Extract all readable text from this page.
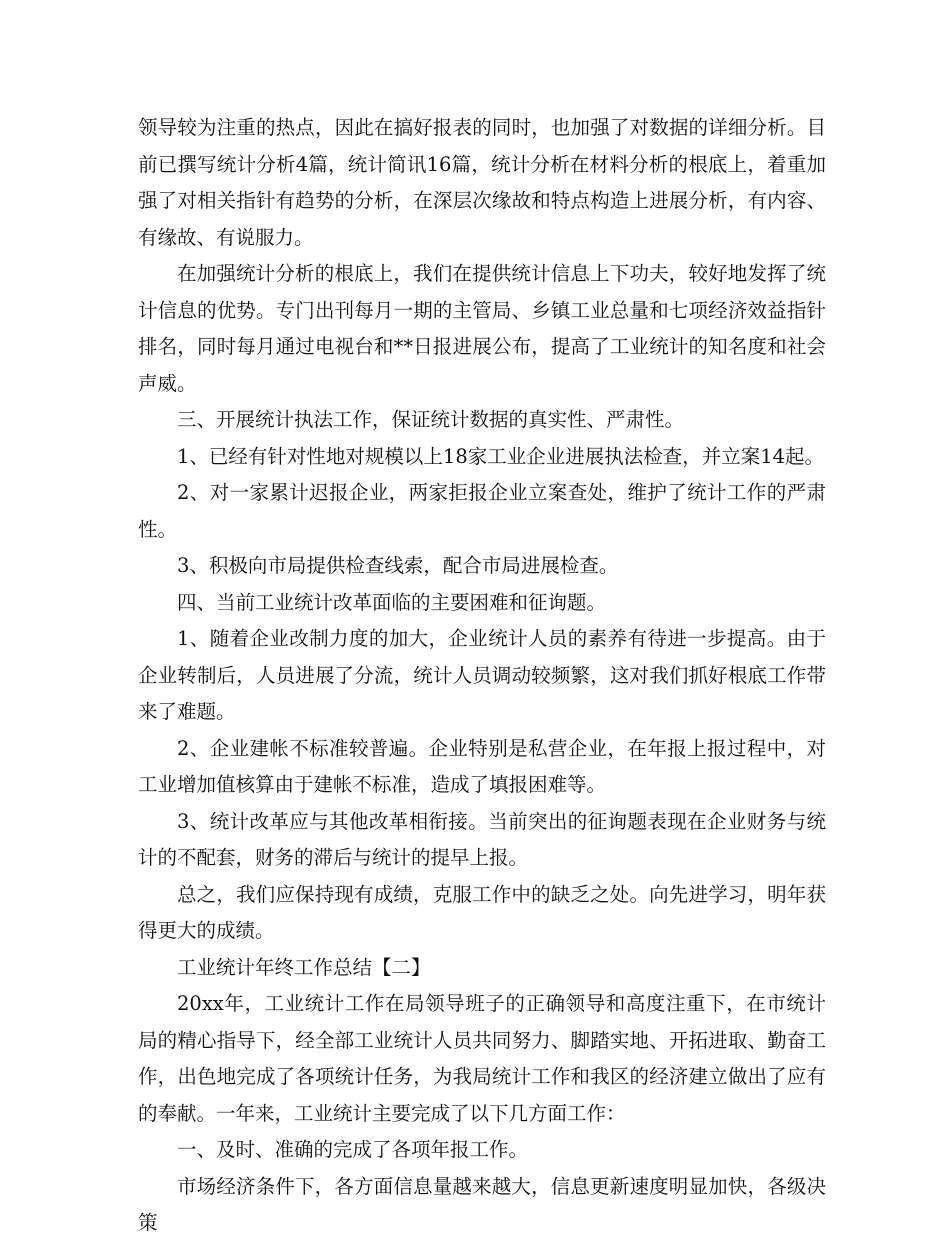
领导较为注重的热点，因此在搞好报表的同时，也加强了对数据的详细分析。目前已撰写统计分析4篇，统计简讯16篇，统计分析在材料分析的根底上，着重加强了对相关指针有趋势的分析，在深层次缘故和特点构造上进展分析，有内容、有缘故、有说服力。

在加强统计分析的根底上，我们在提供统计信息上下功夫，较好地发挥了统计信息的优势。专门出刊每月一期的主管局、乡镇工业总量和七项经济效益指针排名，同时每月通过电视台和**日报进展公布，提高了工业统计的知名度和社会声威。

三、开展统计执法工作，保证统计数据的真实性、严肃性。

1、已经有针对性地对规模以上18家工业企业进展执法检查，并立案14起。

2、对一家累计迟报企业，两家拒报企业立案查处，维护了统计工作的严肃性。

3、积极向市局提供检查线索，配合市局进展检查。

四、当前工业统计改革面临的主要困难和征询题。

1、随着企业改制力度的加大，企业统计人员的素养有待进一步提高。由于企业转制后，人员进展了分流，统计人员调动较频繁，这对我们抓好根底工作带来了难题。

2、企业建帐不标准较普遍。企业特别是私营企业，在年报上报过程中，对工业增加值核算由于建帐不标准，造成了填报困难等。

3、统计改革应与其他改革相衔接。当前突出的征询题表现在企业财务与统计的不配套，财务的滞后与统计的提早上报。

总之，我们应保持现有成绩，克服工作中的缺乏之处。向先进学习，明年获得更大的成绩。

工业统计年终工作总结【二】

20xx年，工业统计工作在局领导班子的正确领导和高度注重下，在市统计局的精心指导下，经全部工业统计人员共同努力、脚踏实地、开拓进取、勤奋工作，出色地完成了各项统计任务，为我局统计工作和我区的经济建立做出了应有的奉献。一年来，工业统计主要完成了以下几方面工作：

一、及时、准确的完成了各项年报工作。

市场经济条件下，各方面信息量越来越大，信息更新速度明显加快，各级决策
